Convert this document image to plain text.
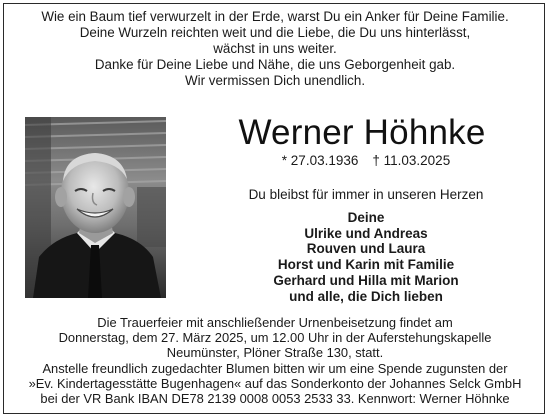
Wie ein Baum tief verwurzelt in der Erde, warst Du ein Anker für Deine Familie.
Deine Wurzeln reichten weit und die Liebe, die Du uns hinterlässt,
wächst in uns weiter.
Danke für Deine Liebe und Nähe, die uns Geborgenheit gab.
Wir vermissen Dich unendlich.
Werner Höhnke
* 27.03.1936 † 11.03.2025
Du bleibst für immer in unseren Herzen
Deine
Ulrike und Andreas
Rouven und Laura
Horst und Karin mit Familie
Gerhard und Hilla mit Marion
und alle, die Dich lieben
Die Trauerfeier mit anschließender Urnenbeisetzung findet am
Donnerstag, dem 27. März 2025, um 12.00 Uhr in der Auferstehungskapelle
Neumünster, Plöner Straße 130, statt.
Anstelle freundlich zugedachter Blumen bitten wir um eine Spende zugunsten der
»Ev. Kindertagesstätte Bugenhagen« auf das Sonderkonto der Johannes Selck GmbH
bei der VR Bank IBAN DE78 2139 0008 0053 2533 33. Kennwort: Werner Höhnke
